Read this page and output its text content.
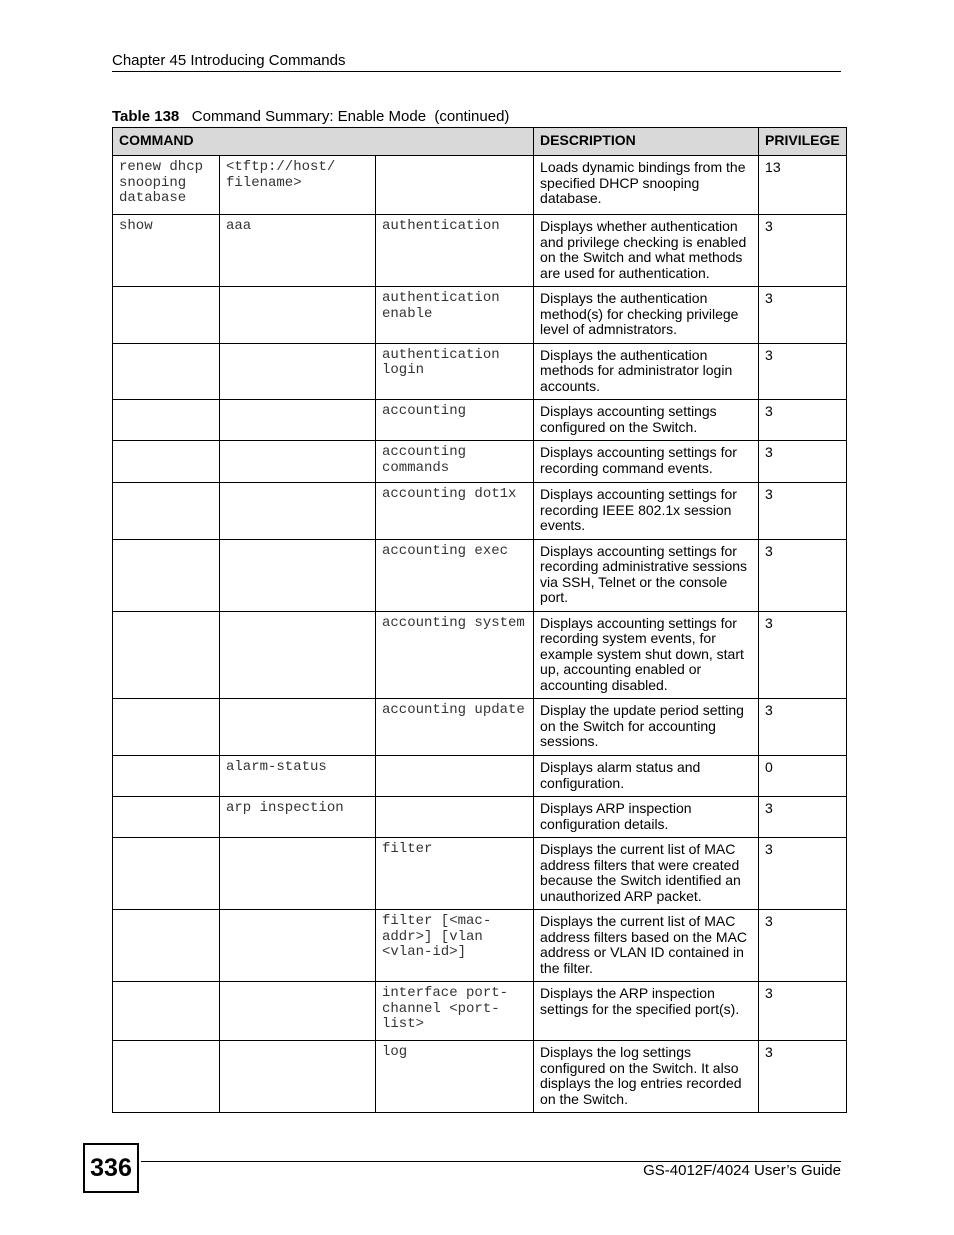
Chapter 45 Introducing Commands
Table 138 Command Summary: Enable Mode  (continued)
COMMAND			DESCRIPTION	PRIVILEGE
renew dhcp snooping database	<tftp://host/ filename>		Loads dynamic bindings from the specified DHCP snooping database.	13
show	aaa	authentication	Displays whether authentication and privilege checking is enabled on the Switch and what methods are used for authentication.	3
		authentication enable	Displays the authentication method(s) for checking privilege level of admnistrators.	3
		authentication login	Displays the authentication methods for administrator login accounts.	3
		accounting	Displays accounting settings configured on the Switch.	3
		accounting commands	Displays accounting settings for recording command events.	3
		accounting dot1x	Displays accounting settings for recording IEEE 802.1x session events.	3
		accounting exec	Displays accounting settings for recording administrative sessions via SSH, Telnet or the console port.	3
		accounting system	Displays accounting settings for recording system events, for example system shut down, start up, accounting enabled or accounting disabled.	3
		accounting update	Display the update period setting on the Switch for accounting sessions.	3
	alarm-status		Displays alarm status and configuration.	0
	arp inspection		Displays ARP inspection configuration details.	3
		filter	Displays the current list of MAC address filters that were created because the Switch identified an unauthorized ARP packet.	3
		filter [<mac-addr>] [vlan <vlan-id>]	Displays the current list of MAC address filters based on the MAC address or VLAN ID contained in the filter.	3
		interface port-channel <port-list>	Displays the ARP inspection settings for the specified port(s).	3
		log	Displays the log settings configured on the Switch. It also displays the log entries recorded on the Switch.	3
336	GS-4012F/4024 User’s Guide
